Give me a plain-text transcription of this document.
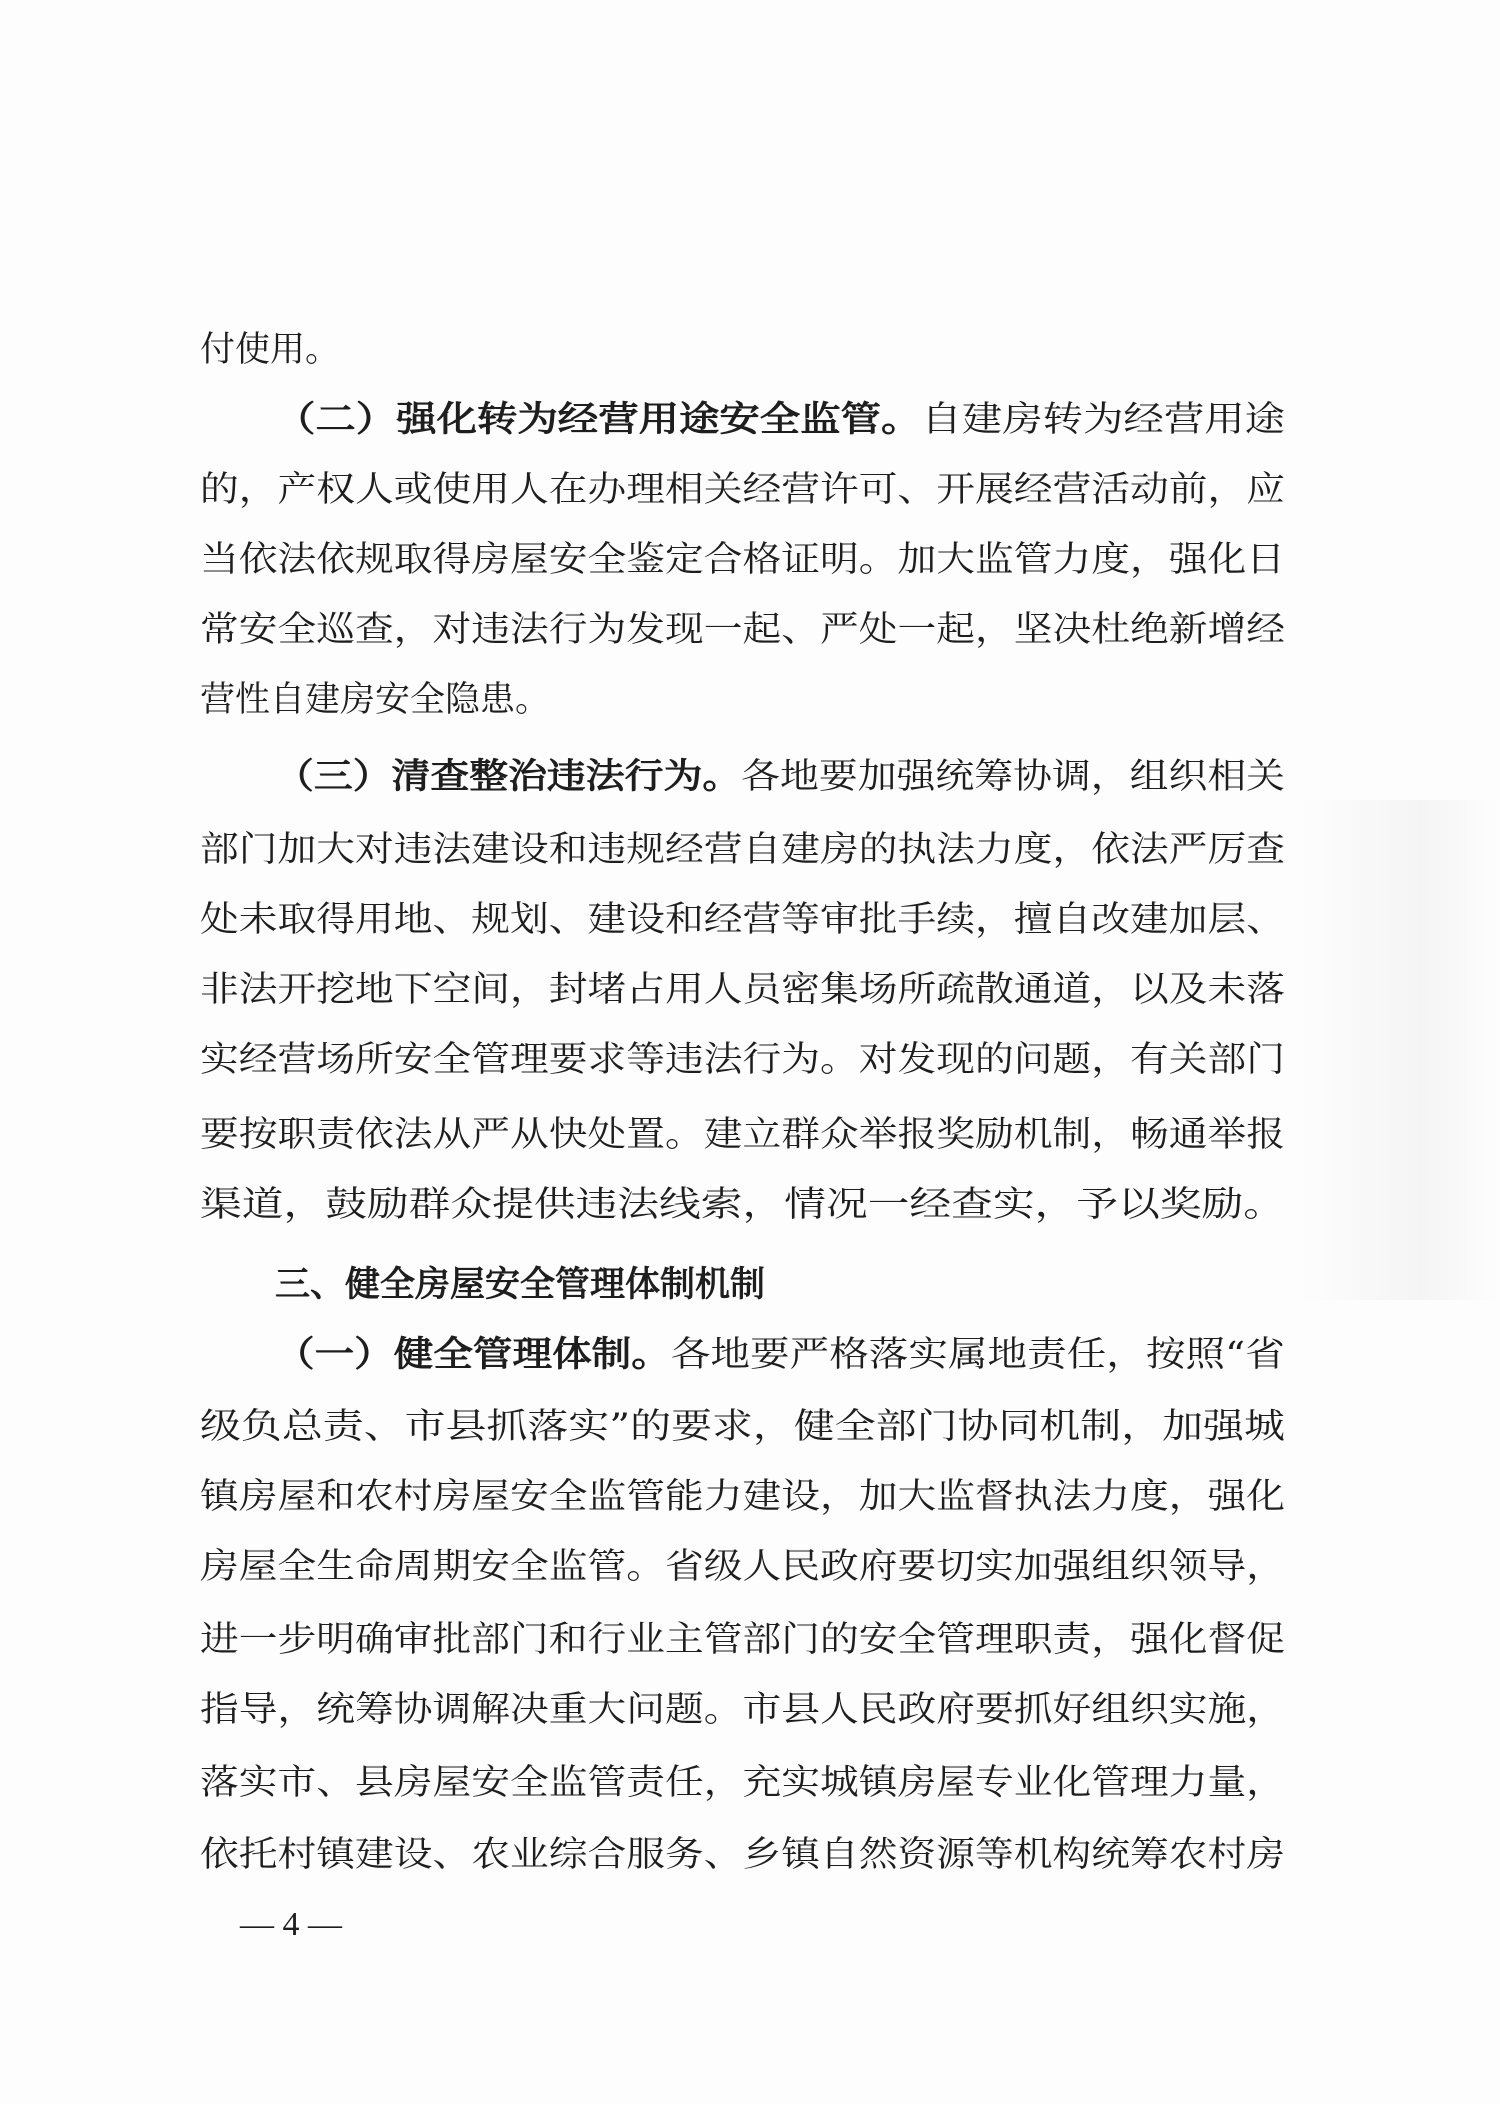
付使用。
（二）强化转为经营用途安全监管。自建房转为经营用途
的，产权人或使用人在办理相关经营许可、开展经营活动前，应
当依法依规取得房屋安全鉴定合格证明。加大监管力度，强化日
常安全巡查，对违法行为发现一起、严处一起，坚决杜绝新增经
营性自建房安全隐患。
（三）清查整治违法行为。各地要加强统筹协调，组织相关
部门加大对违法建设和违规经营自建房的执法力度，依法严厉查
处未取得用地、规划、建设和经营等审批手续，擅自改建加层、
非法开挖地下空间，封堵占用人员密集场所疏散通道，以及未落
实经营场所安全管理要求等违法行为。对发现的问题，有关部门
要按职责依法从严从快处置。建立群众举报奖励机制，畅通举报
渠道，鼓励群众提供违法线索，情况一经查实，予以奖励。
三、健全房屋安全管理体制机制
（一）健全管理体制。各地要严格落实属地责任，按照“省
级负总责、市县抓落实”的要求，健全部门协同机制，加强城
镇房屋和农村房屋安全监管能力建设，加大监督执法力度，强化
房屋全生命周期安全监管。省级人民政府要切实加强组织领导，
进一步明确审批部门和行业主管部门的安全管理职责，强化督促
指导，统筹协调解决重大问题。市县人民政府要抓好组织实施，
落实市、县房屋安全监管责任，充实城镇房屋专业化管理力量，
依托村镇建设、农业综合服务、乡镇自然资源等机构统筹农村房
— 4 —
